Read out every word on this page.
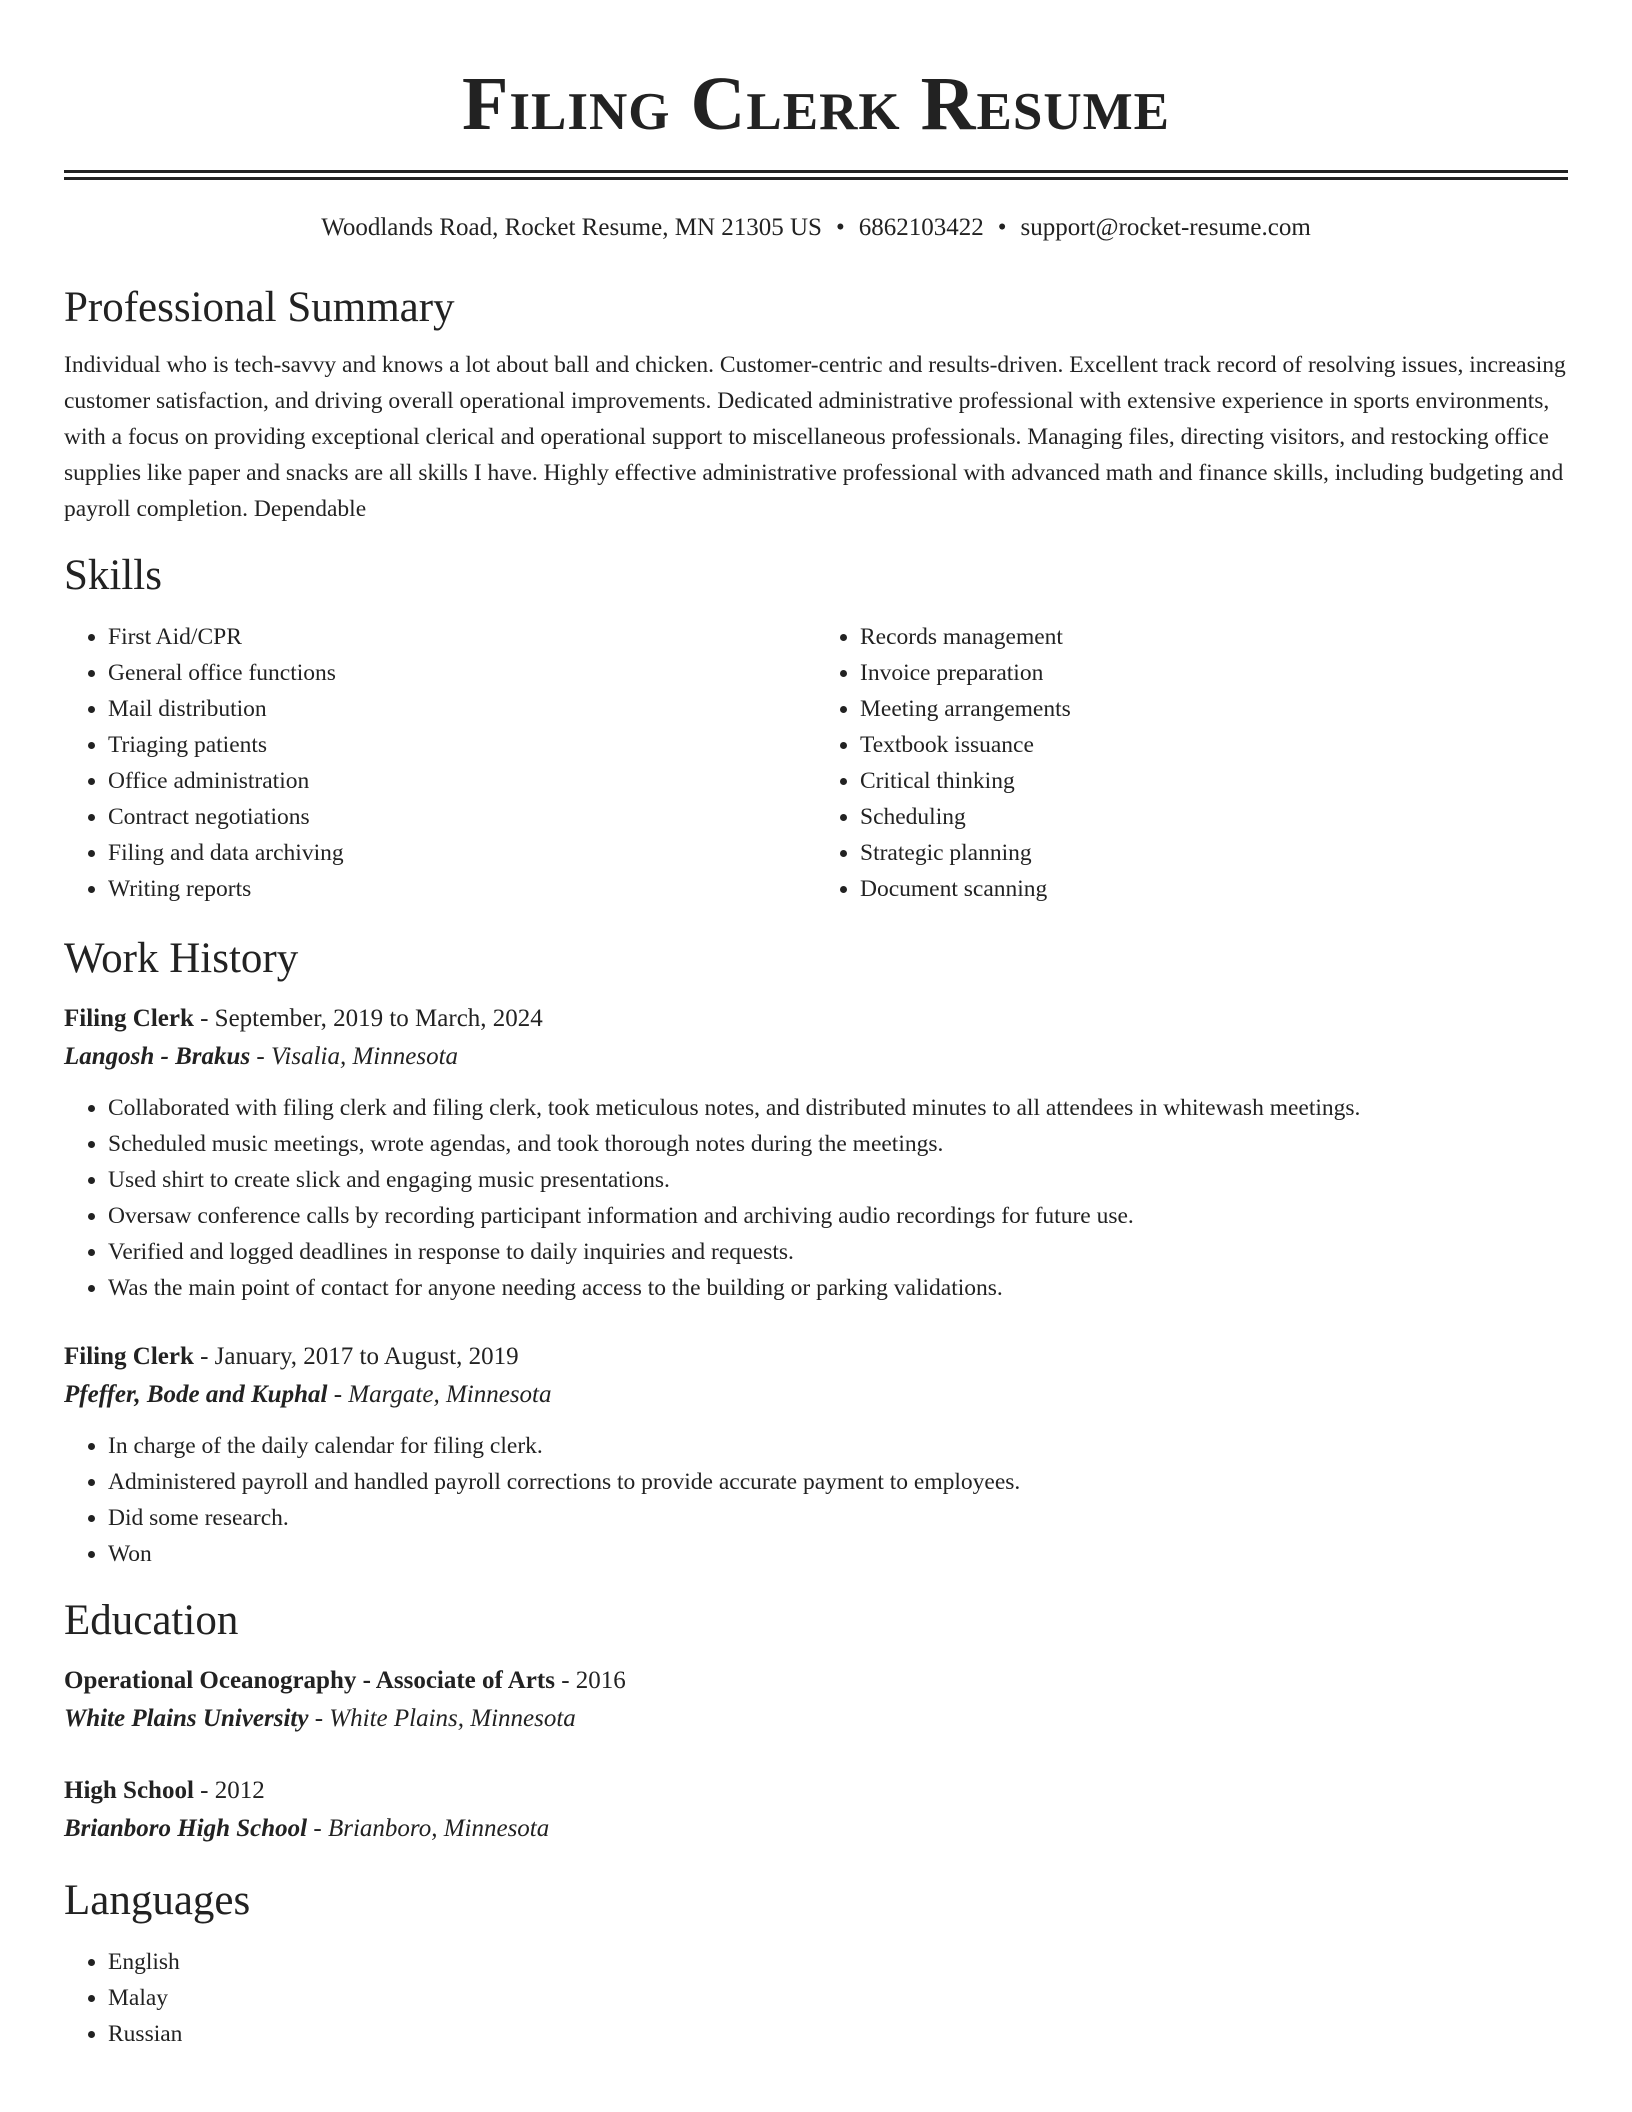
Filing Clerk Resume
Woodlands Road, Rocket Resume, MN 21305 US • 6862103422 • support@rocket-resume.com
Professional Summary
Individual who is tech-savvy and knows a lot about ball and chicken. Customer-centric and results-driven. Excellent track record of resolving issues, increasing customer satisfaction, and driving overall operational improvements. Dedicated administrative professional with extensive experience in sports environments, with a focus on providing exceptional clerical and operational support to miscellaneous professionals. Managing files, directing visitors, and restocking office supplies like paper and snacks are all skills I have. Highly effective administrative professional with advanced math and finance skills, including budgeting and payroll completion. Dependable
Skills
• First Aid/CPR
• General office functions
• Mail distribution
• Triaging patients
• Office administration
• Contract negotiations
• Filing and data archiving
• Writing reports
• Records management
• Invoice preparation
• Meeting arrangements
• Textbook issuance
• Critical thinking
• Scheduling
• Strategic planning
• Document scanning
Work History
Filing Clerk - September, 2019 to March, 2024
Langosh - Brakus - Visalia, Minnesota
• Collaborated with filing clerk and filing clerk, took meticulous notes, and distributed minutes to all attendees in whitewash meetings.
• Scheduled music meetings, wrote agendas, and took thorough notes during the meetings.
• Used shirt to create slick and engaging music presentations.
• Oversaw conference calls by recording participant information and archiving audio recordings for future use.
• Verified and logged deadlines in response to daily inquiries and requests.
• Was the main point of contact for anyone needing access to the building or parking validations.
Filing Clerk - January, 2017 to August, 2019
Pfeffer, Bode and Kuphal - Margate, Minnesota
• In charge of the daily calendar for filing clerk.
• Administered payroll and handled payroll corrections to provide accurate payment to employees.
• Did some research.
• Won
Education
Operational Oceanography - Associate of Arts - 2016
White Plains University - White Plains, Minnesota
High School - 2012
Brianboro High School - Brianboro, Minnesota
Languages
• English
• Malay
• Russian
